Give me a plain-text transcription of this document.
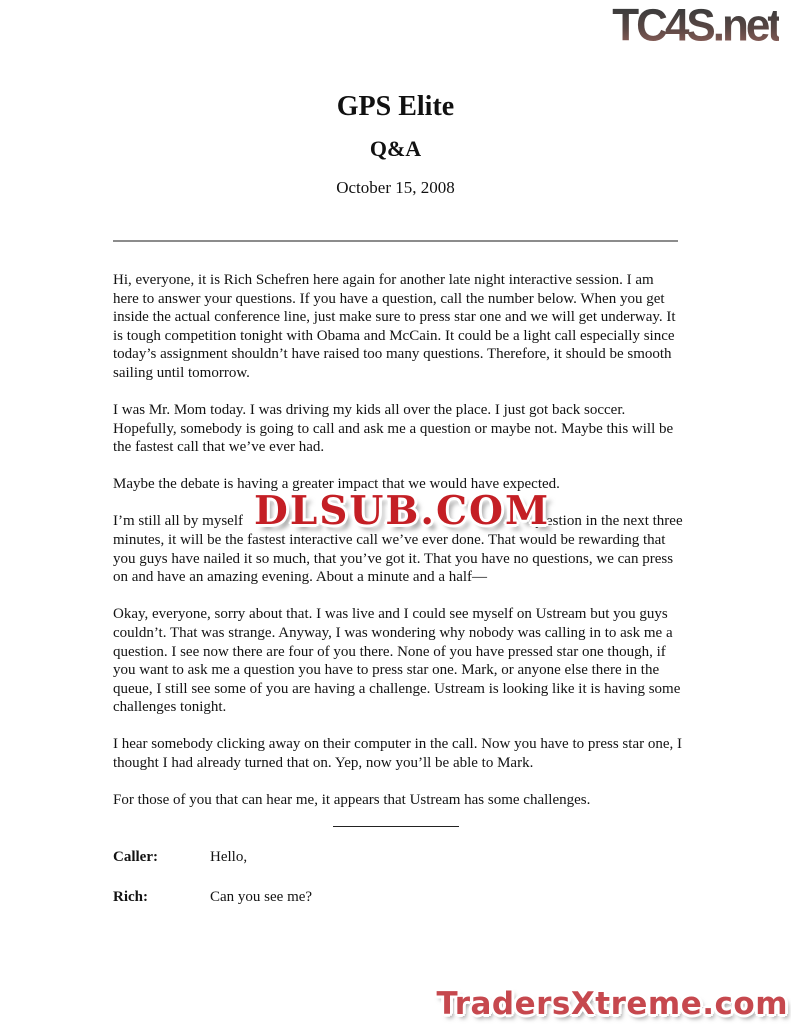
TC4S.net
GPS Elite
Q&A
October 15, 2008

Hi, everyone, it is Rich Schefren here again for another late night interactive session. I am here to answer your questions. If you have a question, call the number below. When you get inside the actual conference line, just make sure to press star one and we will get underway. It is tough competition tonight with Obama and McCain. It could be a light call especially since today’s assignment shouldn’t have raised too many questions. Therefore, it should be smooth sailing until tomorrow.

I was Mr. Mom today. I was driving my kids all over the place. I just got back soccer. Hopefully, somebody is going to call and ask me a question or maybe not. Maybe this will be the fastest call that we’ve ever had.

Maybe the debate is having a greater impact that we would have expected.

I’m still all by myself	question in the next three minutes, it will be the fastest interactive call we’ve ever done. That would be rewarding that you guys have nailed it so much, that you’ve got it. That you have no questions, we can press on and have an amazing evening. About a minute and a half—

Okay, everyone, sorry about that. I was live and I could see myself on Ustream but you guys couldn’t. That was strange. Anyway, I was wondering why nobody was calling in to ask me a question. I see now there are four of you there. None of you have pressed star one though, if you want to ask me a question you have to press star one. Mark, or anyone else there in the queue, I still see some of you are having a challenge. Ustream is looking like it is having some challenges tonight.

I hear somebody clicking away on their computer in the call. Now you have to press star one, I thought I had already turned that on. Yep, now you’ll be able to Mark.

For those of you that can hear me, it appears that Ustream has some challenges.

DLSUB.COM
Caller:	Hello,
Rich:	Can you see me?
TradersXtreme.com
